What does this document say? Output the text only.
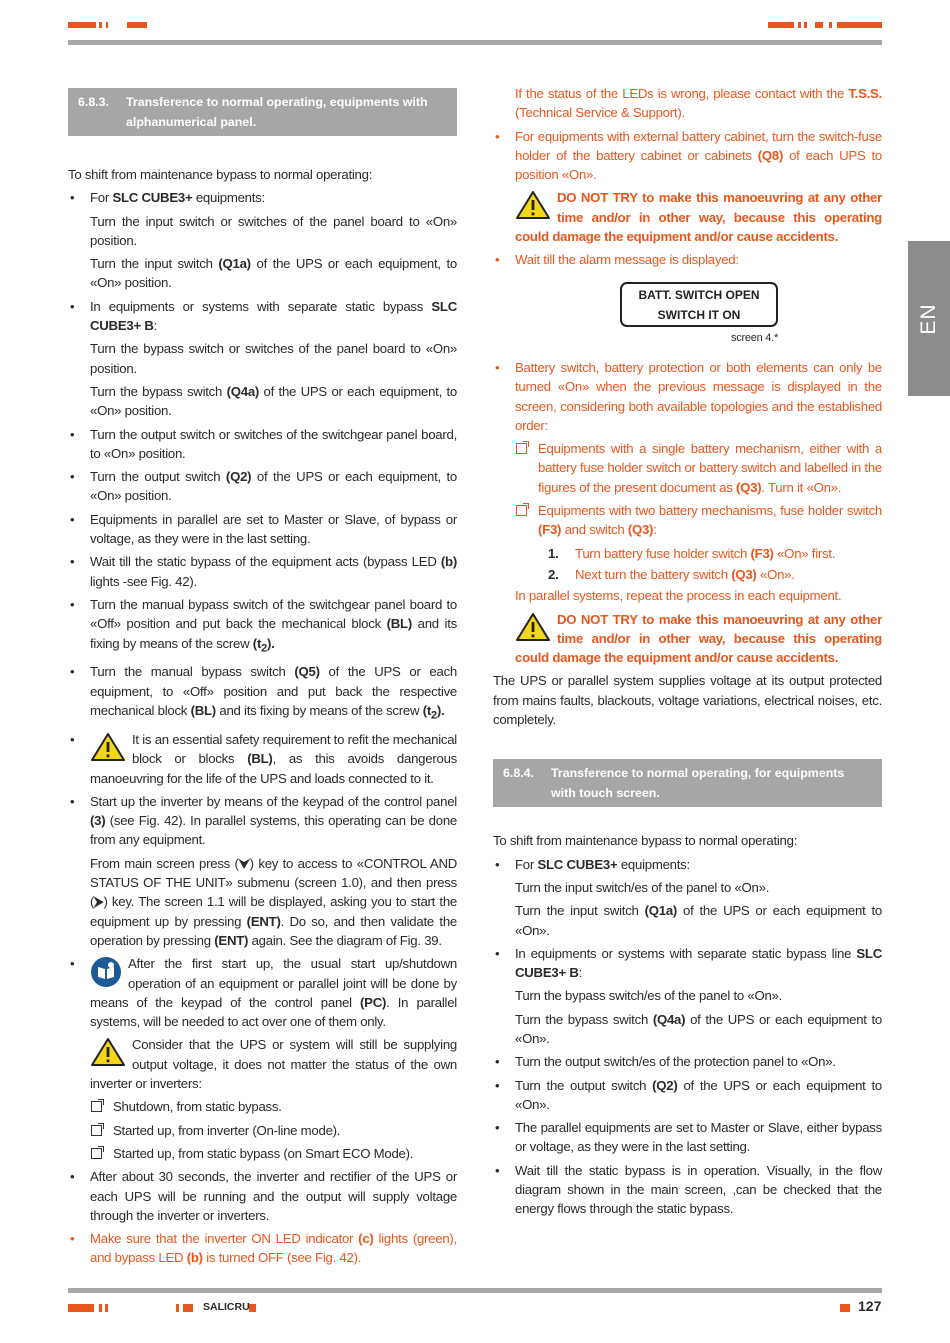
SALICRU	127
EN
6.8.3.	Transference to normal operating, equipments with alphanumerical panel.

To shift from maintenance bypass to normal operating:

• For SLC CUBE3+ equipments:
Turn the input switch or switches of the panel board to «On» position.
Turn the input switch (Q1a) of the UPS or each equipment, to «On» position.
• In equipments or systems with separate static bypass SLC CUBE3+ B:
Turn the bypass switch or switches of the panel board to «On» position.
Turn the bypass switch (Q4a) of the UPS or each equipment, to «On» position.
• Turn the output switch or switches of the switchgear panel board, to «On» position.
• Turn the output switch (Q2) of the UPS or each equipment, to «On» position.
• Equipments in parallel are set to Master or Slave, of bypass or voltage, as they were in the last setting.
• Wait till the static bypass of the equipment acts (bypass LED (b) lights -see Fig. 42).
• Turn the manual bypass switch of the switchgear panel board to «Off» position and put back the mechanical block (BL) and its fixing by means of the screw $(t_2)$.
• Turn the manual bypass switch (Q5) of the UPS or each equipment, to «Off» position and put back the respective mechanical block (BL) and its fixing by means of the screw $(t_2)$.
• It is an essential safety requirement to refit the mechanical block or blocks (BL), as this avoids dangerous manoeuvring for the life of the UPS and loads connected to it.
• Start up the inverter by means of the keypad of the control panel (3) (see Fig. 42). In parallel systems, this operating can be done from any equipment.
From main screen press (⮟) key to access to «CONTROL AND STATUS OF THE UNIT» submenu (screen 1.0), and then press (⮞) key. The screen 1.1 will be displayed, asking you to start the equipment up by pressing (ENT). Do so, and then validate the operation by pressing (ENT) again. See the diagram of Fig. 39.
• After the first start up, the usual start up/shutdown operation of an equipment or parallel joint will be done by means of the keypad of the control panel (PC). In parallel systems, will be needed to act over one of them only.
Consider that the UPS or system will still be supplying output voltage, it does not matter the status of the own inverter or inverters:
Shutdown, from static bypass.
Started up, from inverter (On-line mode).
Started up, from static bypass (on Smart ECO Mode).
• After about 30 seconds, the inverter and rectifier of the UPS or each UPS will be running and the output will supply voltage through the inverter or inverters.
• Make sure that the inverter ON LED indicator (c) lights (green), and bypass LED (b) is turned OFF (see Fig. 42).
If the status of the LEDs is wrong, please contact with the T.S.S. (Technical Service & Support).
• For equipments with external battery cabinet, turn the switch-fuse holder of the battery cabinet or cabinets (Q8) of each UPS to position «On».
DO NOT TRY to make this manoeuvring at any other time and/or in other way, because this operating could damage the equipment and/or cause accidents.
• Wait till the alarm message is displayed:
BATT. SWITCH OPEN
SWITCH IT ON
screen 4.*
• Battery switch, battery protection or both elements can only be turned «On» when the previous message is displayed in the screen, considering both available topologies and the established order:
Equipments with a single battery mechanism, either with a battery fuse holder switch or battery switch and labelled in the figures of the present document as (Q3). Turn it «On».
Equipments with two battery mechanisms, fuse holder switch (F3) and switch (Q3):
1. Turn battery fuse holder switch (F3) «On» first.
2. Next turn the battery switch (Q3) «On».
In parallel systems, repeat the process in each equipment.
DO NOT TRY to make this manoeuvring at any other time and/or in other way, because this operating could damage the equipment and/or cause accidents.

The UPS or parallel system supplies voltage at its output protected from mains faults, blackouts, voltage variations, electrical noises, etc. completely.

6.8.4.	Transference to normal operating, for equipments with touch screen.

To shift from maintenance bypass to normal operating:

• For SLC CUBE3+ equipments:
Turn the input switch/es of the panel to «On».
Turn the input switch (Q1a) of the UPS or each equipment to «On».
• In equipments or systems with separate static bypass line SLC CUBE3+ B:
Turn the bypass switch/es of the panel to «On».
Turn the bypass switch (Q4a) of the UPS or each equipment to «On».
• Turn the output switch/es of the protection panel to «On».
• Turn the output switch (Q2) of the UPS or each equipment to «On».
• The parallel equipments are set to Master or Slave, either bypass or voltage, as they were in the last setting.
• Wait till the static bypass is in operation. Visually, in the flow diagram shown in the main screen, ,can be checked that the energy flows through the static bypass.
